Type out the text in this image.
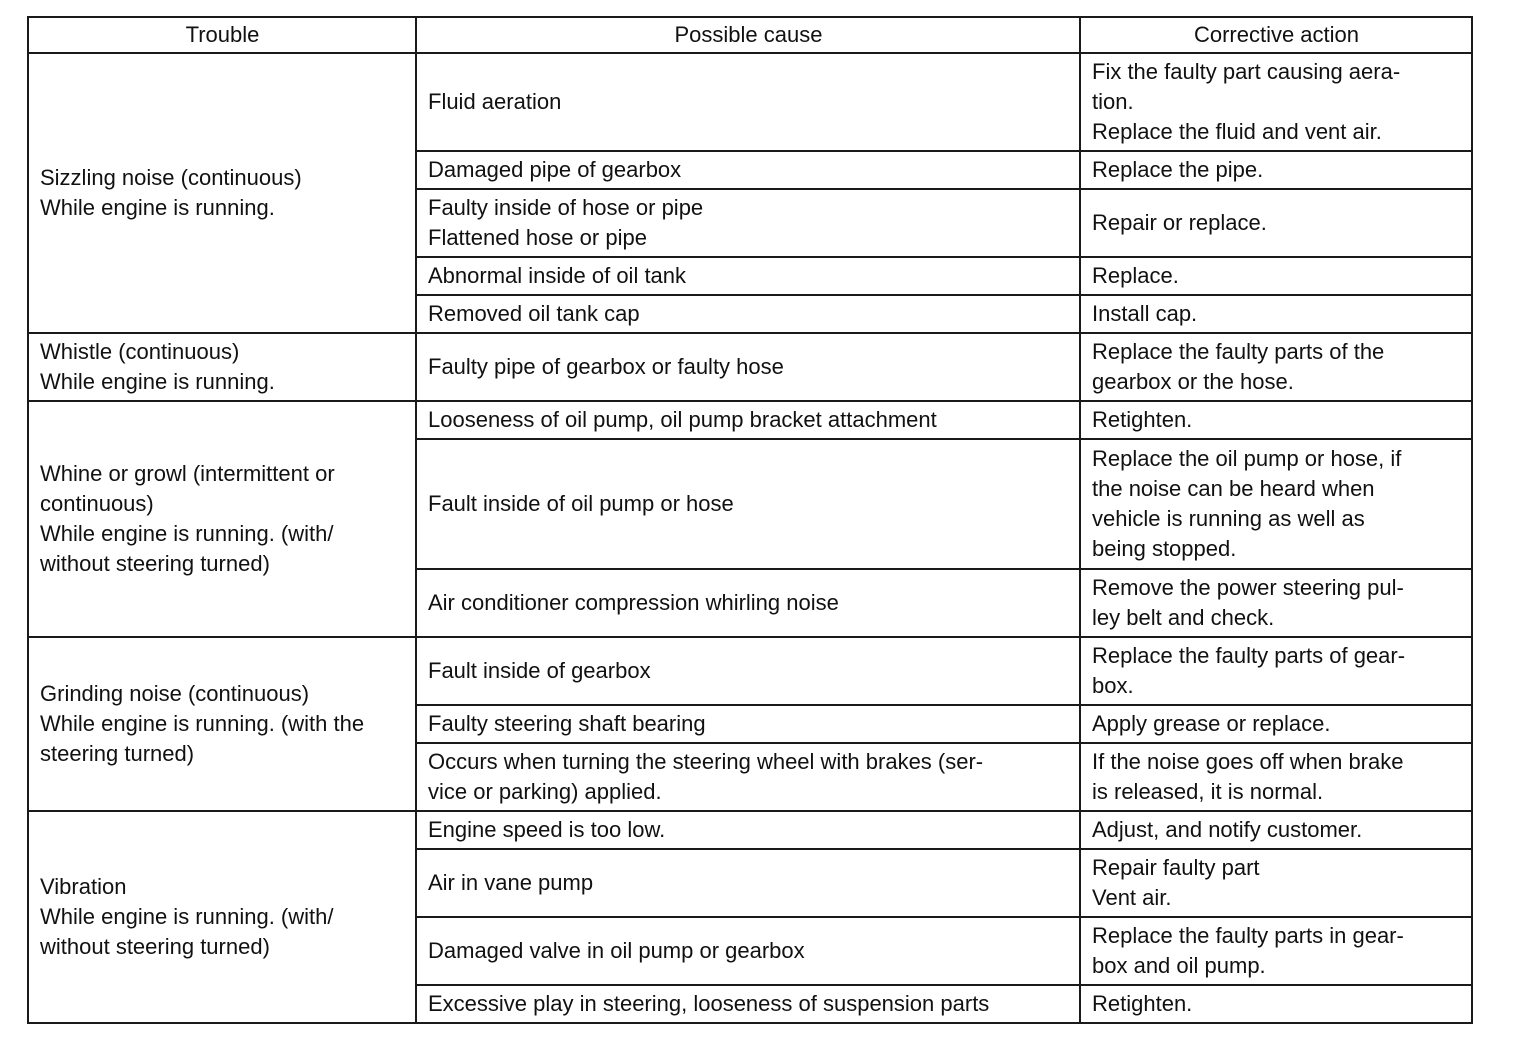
Trouble	Possible cause	Corrective action
Sizzling noise (continuous)
While engine is running.	Fluid aeration	Fix the faulty part causing aera-
tion.
Replace the fluid and vent air.
	Damaged pipe of gearbox	Replace the pipe.
	Faulty inside of hose or pipe
Flattened hose or pipe	Repair or replace.
	Abnormal inside of oil tank	Replace.
	Removed oil tank cap	Install cap.
Whistle (continuous)
While engine is running.	Faulty pipe of gearbox or faulty hose	Replace the faulty parts of the
gearbox or the hose.
Whine or growl (intermittent or
continuous)
While engine is running. (with/
without steering turned)	Looseness of oil pump, oil pump bracket attachment	Retighten.
	Fault inside of oil pump or hose	Replace the oil pump or hose, if
the noise can be heard when
vehicle is running as well as
being stopped.
	Air conditioner compression whirling noise	Remove the power steering pul-
ley belt and check.
Grinding noise (continuous)
While engine is running. (with the
steering turned)	Fault inside of gearbox	Replace the faulty parts of gear-
box.
	Faulty steering shaft bearing	Apply grease or replace.
	Occurs when turning the steering wheel with brakes (ser-
vice or parking) applied.	If the noise goes off when brake
is released, it is normal.
Vibration
While engine is running. (with/
without steering turned)	Engine speed is too low.	Adjust, and notify customer.
	Air in vane pump	Repair faulty part
Vent air.
	Damaged valve in oil pump or gearbox	Replace the faulty parts in gear-
box and oil pump.
	Excessive play in steering, looseness of suspension parts	Retighten.
